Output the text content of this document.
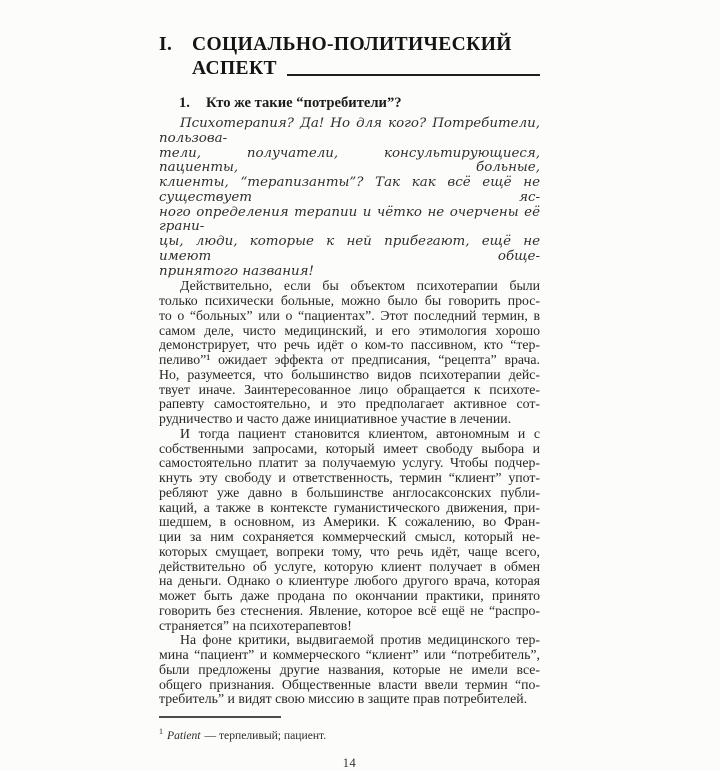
I.	СОЦИАЛЬНО-ПОЛИТИЧЕСКИЙ
АСПЕКТ
1.	Кто же такие “потребители”?
Психотерапия? Да! Но для кого? Потребители, пользова-
тели, получатели, консультирующиеся, пациенты, больные,
клиенты, “терапизанты”? Так как всё ещё не существует яс-
ного определения терапии и чётко не очерчены её грани-
цы, люди, которые к ней прибегают, ещё не имеют обще-
принятого названия!
Действительно, если бы объектом психотерапии были
только психически больные, можно было бы говорить прос-
то о “больных” или о “пациентах”. Этот последний термин, в
самом деле, чисто медицинский, и его этимология хорошо
демонстрирует, что речь идёт о ком-то пассивном, кто “тер-
пеливо”¹ ожидает эффекта от предписания, “рецепта” врача.
Но, разумеется, что большинство видов психотерапии дейс-
твует иначе. Заинтересованное лицо обращается к психоте-
рапевту самостоятельно, и это предполагает активное сот-
рудничество и часто даже инициативное участие в лечении.
И тогда пациент становится клиентом, автономным и с
собственными запросами, который имеет свободу выбора и
самостоятельно платит за получаемую услугу. Чтобы подчер-
кнуть эту свободу и ответственность, термин “клиент” упот-
ребляют уже давно в большинстве англосаксонских публи-
каций, а также в контексте гуманистического движения, при-
шедшем, в основном, из Америки. К сожалению, во Фран-
ции за ним сохраняется коммерческий смысл, который не-
которых смущает, вопреки тому, что речь идёт, чаще всего,
действительно об услуге, которую клиент получает в обмен
на деньги. Однако о клиентуре любого другого врача, которая
может быть даже продана по окончании практики, принято
говорить без стеснения. Явление, которое всё ещё не “распро-
страняется” на психотерапевтов!
На фоне критики, выдвигаемой против медицинского тер-
мина “пациент” и коммерческого “клиент” или “потребитель”,
были предложены другие названия, которые не имели все-
общего признания. Общественные власти ввели термин “по-
требитель” и видят свою миссию в защите прав потребителей.
$^1$ Patient — терпеливый; пациент.
14
